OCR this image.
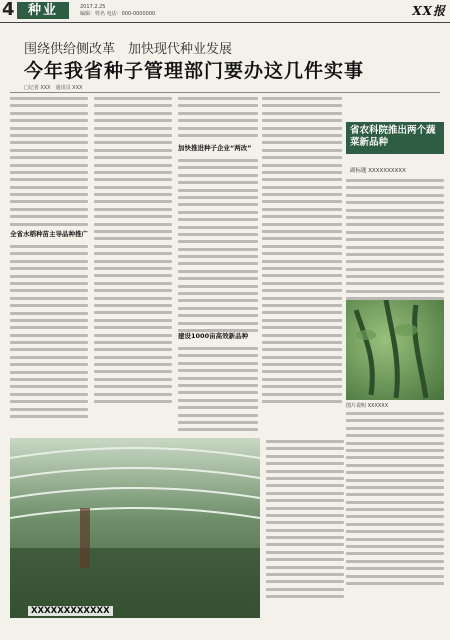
4	种业	2017.2.25
编辑：姓名 电话：000-0000000	XX报
围绕供给侧改革　加快现代种业发展
今年我省种子管理部门要办这几件实事
□记者 XXX　通讯员 XXX
全省水稻种苗主导品种推广
加快推进种子企业“两改”
建设1000亩高效新品种
省农科院推出两个蔬菜新品种
副标题 XXXXXXXXXX
图片说明 XXXXXX
XXXXXXXXXXXX
